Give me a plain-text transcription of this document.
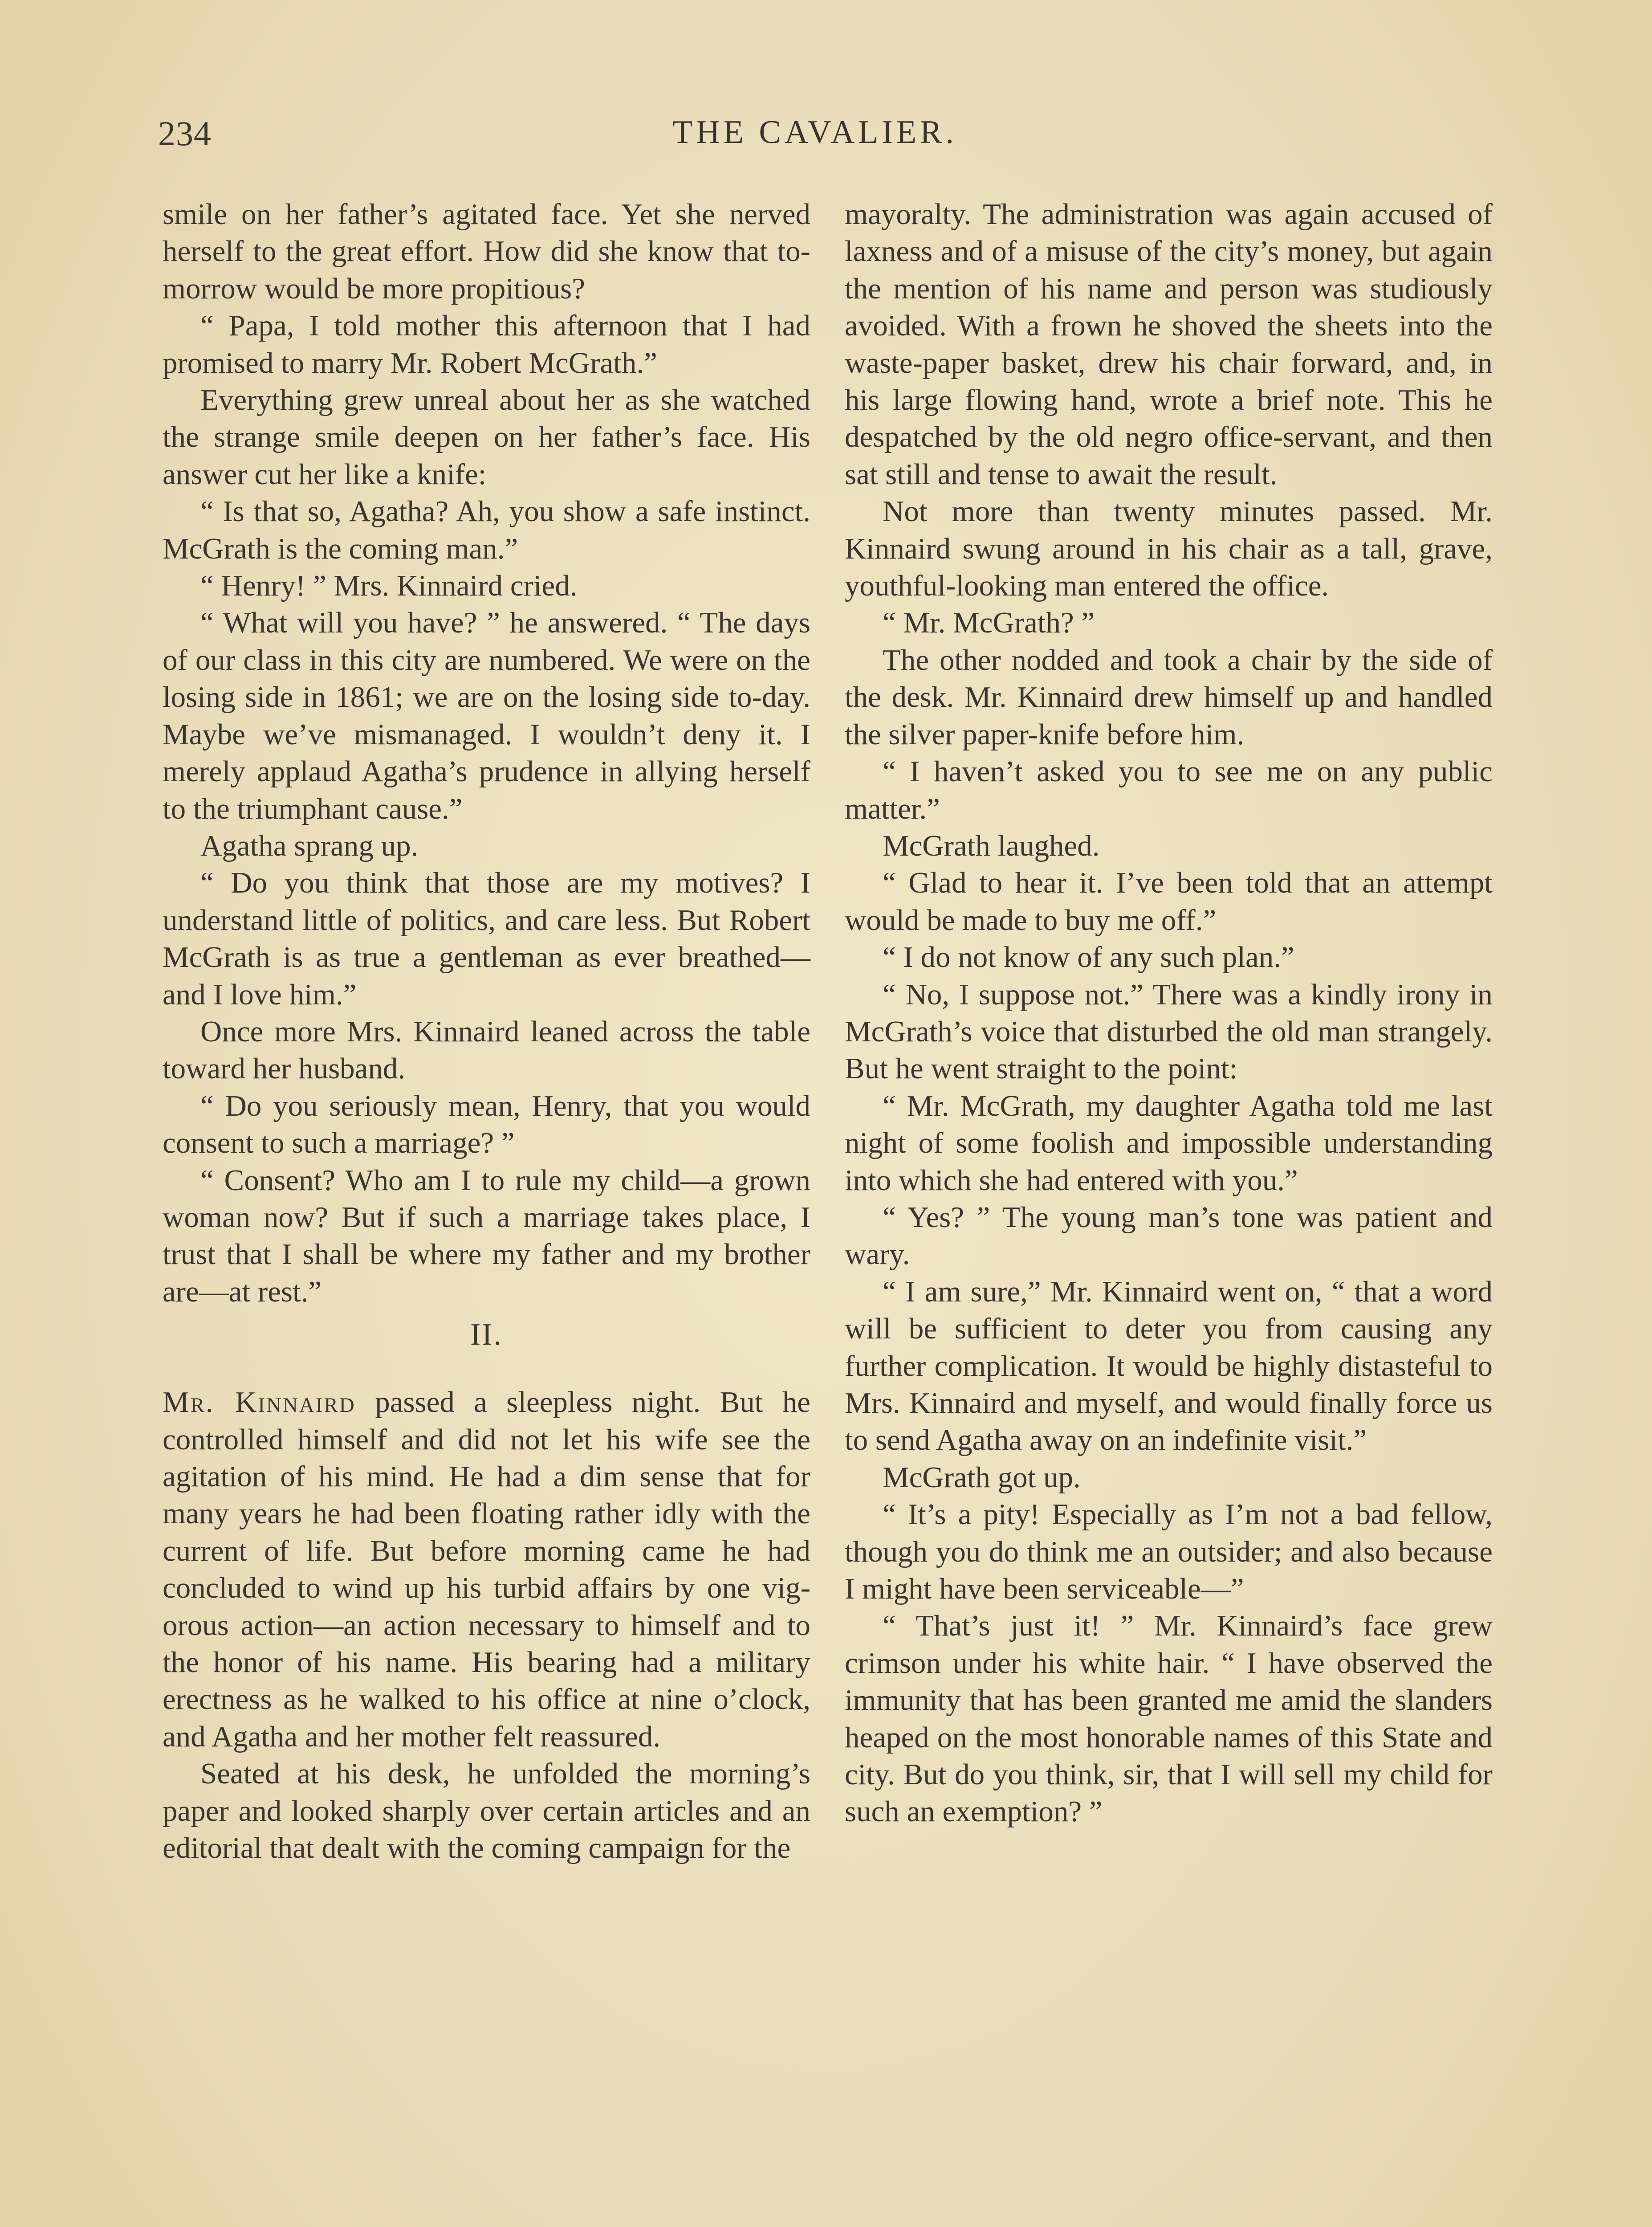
234	THE CAVALIER.

smile on her father’s agitated face. Yet she nerved herself to the great effort. How did she know that to-morrow would be more propitious?

“ Papa, I told mother this afternoon that I had promised to marry Mr. Robert McGrath.”

Everything grew unreal about her as she watched the strange smile deepen on her father’s face. His answer cut her like a knife:

“ Is that so, Agatha? Ah, you show a safe instinct. McGrath is the coming man.”

“ Henry! ” Mrs. Kinnaird cried.

“ What will you have? ” he answered. “ The days of our class in this city are numbered. We were on the losing side in 1861; we are on the losing side to-day. Maybe we’ve mismanaged. I wouldn’t deny it. I merely applaud Agatha’s prudence in allying herself to the triumphant cause.”

Agatha sprang up.

“ Do you think that those are my motives? I understand little of politics, and care less. But Robert McGrath is as true a gentleman as ever breathed— and I love him.”

Once more Mrs. Kinnaird leaned across the table toward her husband.

“ Do you seriously mean, Henry, that you would consent to such a marriage? ”

“ Consent? Who am I to rule my child—a grown woman now? But if such a marriage takes place, I trust that I shall be where my father and my brother are—at rest.”

II.

Mr. Kinnaird passed a sleepless night. But he controlled himself and did not let his wife see the agitation of his mind. He had a dim sense that for many years he had been floating rather idly with the current of life. But before morning came he had concluded to wind up his turbid affairs by one vigorous action—an action necessary to himself and to the honor of his name. His bearing had a military erectness as he walked to his office at nine o’clock, and Agatha and her mother felt reassured.

Seated at his desk, he unfolded the morning’s paper and looked sharply over certain articles and an editorial that dealt with the coming campaign for the

mayoralty. The administration was again accused of laxness and of a misuse of the city’s money, but again the mention of his name and person was studiously avoided. With a frown he shoved the sheets into the waste-paper basket, drew his chair forward, and, in his large flowing hand, wrote a brief note. This he despatched by the old negro office-servant, and then sat still and tense to await the result.

Not more than twenty minutes passed. Mr. Kinnaird swung around in his chair as a tall, grave, youthful-looking man entered the office.

“ Mr. McGrath? ”

The other nodded and took a chair by the side of the desk. Mr. Kinnaird drew himself up and handled the silver paper-knife before him.

“ I haven’t asked you to see me on any public matter.”

McGrath laughed.

“ Glad to hear it. I’ve been told that an attempt would be made to buy me off.”

“ I do not know of any such plan.”

“ No, I suppose not.” There was a kindly irony in McGrath’s voice that disturbed the old man strangely. But he went straight to the point:

“ Mr. McGrath, my daughter Agatha told me last night of some foolish and impossible understanding into which she had entered with you.”

“ Yes? ” The young man’s tone was patient and wary.

“ I am sure,” Mr. Kinnaird went on, “ that a word will be sufficient to deter you from causing any further complication. It would be highly distasteful to Mrs. Kinnaird and myself, and would finally force us to send Agatha away on an indefinite visit.”

McGrath got up.

“ It’s a pity! Especially as I’m not a bad fellow, though you do think me an outsider; and also because I might have been serviceable—”

“ That’s just it! ” Mr. Kinnaird’s face grew crimson under his white hair. “ I have observed the immunity that has been granted me amid the slanders heaped on the most honorable names of this State and city. But do you think, sir, that I will sell my child for such an exemption? ”
